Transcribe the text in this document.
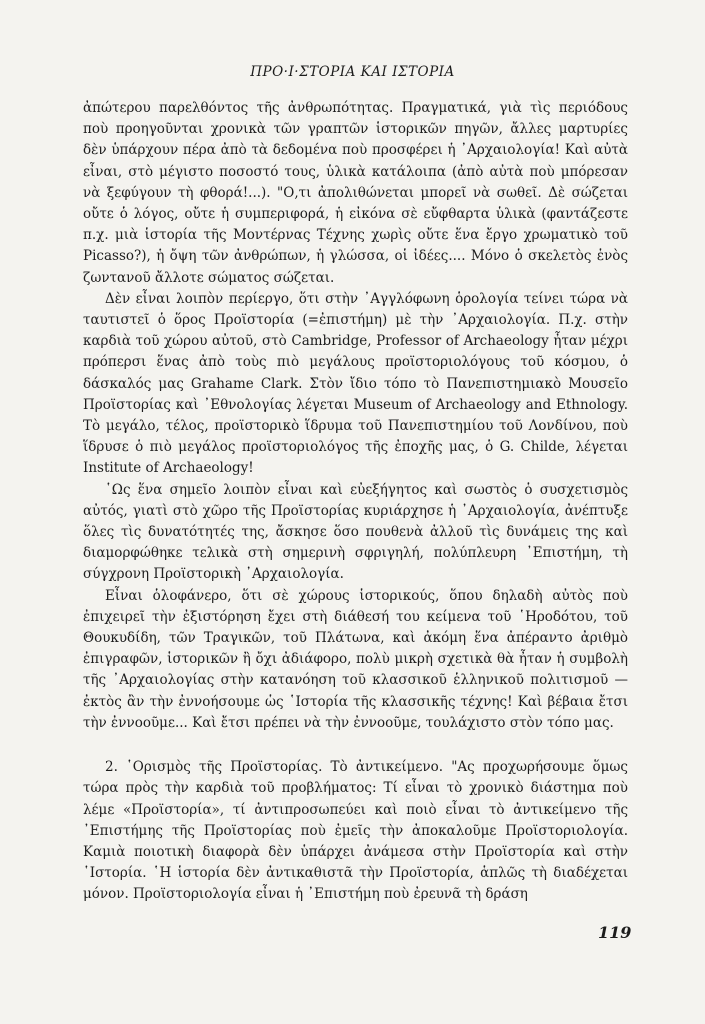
ΠΡΟ·Ι·ΣΤΟΡΙΑ ΚΑΙ ΙΣΤΟΡΙΑ

ἀπώτερου παρελθόντος τῆς ἀνθρωπότητας. Πραγματικά, γιὰ τὶς περιόδους ποὺ προηγοῦνται χρονικὰ τῶν γραπτῶν ἱστορικῶν πηγῶν, ἄλλες μαρτυρίες δὲν ὑπάρχουν πέρα ἀπὸ τὰ δεδομένα ποὺ προσφέρει ἡ ᾿Αρχαιολογία! Καὶ αὐτὰ εἶναι, στὸ μέγιστο ποσοστό τους, ὑλικὰ κατάλοιπα (ἀπὸ αὐτὰ ποὺ μπόρεσαν νὰ ξεφύγουν τὴ φθορά!...). "Ο,τι ἀπολιθώνεται μπορεῖ νὰ σωθεῖ. Δὲ σώζεται οὔτε ὁ λόγος, οὔτε ἡ συμπεριφορά, ἡ εἰκόνα σὲ εὔφθαρτα ὑλικὰ (φαντάζεστε π.χ. μιὰ ἱστορία τῆς Μοντέρνας Τέχνης χωρὶς οὔτε ἕνα ἔργο χρωματικὸ τοῦ Picasso?), ἡ ὄψη τῶν ἀνθρώπων, ἡ γλώσσα, οἱ ἰδέες.... Μόνο ὁ σκελετὸς ἑνὸς ζωντανοῦ ἄλλοτε σώματος σώζεται.

Δὲν εἶναι λοιπὸν περίεργο, ὅτι στὴν ᾿Αγγλόφωνη ὁρολογία τείνει τώρα νὰ ταυτιστεῖ ὁ ὅρος Προϊστορία (=ἐπιστήμη) μὲ τὴν ᾿Αρχαιολογία. Π.χ. στὴν καρδιὰ τοῦ χώρου αὐτοῦ, στὸ Cambridge, Professor of Archaeology ἦταν μέχρι πρόπερσι ἕνας ἀπὸ τοὺς πιὸ μεγάλους προϊστοριολόγους τοῦ κόσμου, ὁ δάσκαλός μας Grahame Clark. Στὸν ἴδιο τόπο τὸ Πανεπιστημιακὸ Μουσεῖο Προϊστορίας καὶ ᾿Εθνολογίας λέγεται Museum of Archaeology and Ethnology. Τὸ μεγάλο, τέλος, προϊστορικὸ ἵδρυμα τοῦ Πανεπιστημίου τοῦ Λονδίνου, ποὺ ἵδρυσε ὁ πιὸ μεγάλος προϊστοριολόγος τῆς ἐποχῆς μας, ὁ G. Childe, λέγεται Institute of Archaeology!

῾Ως ἕνα σημεῖο λοιπὸν εἶναι καὶ εὐεξήγητος καὶ σωστὸς ὁ συσχετισμὸς αὐτός, γιατὶ στὸ χῶρο τῆς Προϊστορίας κυριάρχησε ἡ ᾿Αρχαιολογία, ἀνέπτυξε ὅλες τὶς δυνατότητές της, ἄσκησε ὅσο πουθενὰ ἀλλοῦ τὶς δυνάμεις της καὶ διαμορφώθηκε τελικὰ στὴ σημερινὴ σφριγηλή, πολύπλευρη ᾿Επιστήμη, τὴ σύγχρονη Προϊστορικὴ ᾿Αρχαιολογία.

Εἶναι ὁλοφάνερο, ὅτι σὲ χώρους ἱστορικούς, ὅπου δηλαδὴ αὐτὸς ποὺ ἐπιχειρεῖ τὴν ἐξιστόρηση ἔχει στὴ διάθεσή του κείμενα τοῦ ῾Ηροδότου, τοῦ Θουκυδίδη, τῶν Τραγικῶν, τοῦ Πλάτωνα, καὶ ἀκόμη ἕνα ἀπέραντο ἀριθμὸ ἐπιγραφῶν, ἱστορικῶν ἢ ὄχι ἀδιάφορο, πολὺ μικρὴ σχετικὰ θὰ ἦταν ἡ συμβολὴ τῆς ᾿Αρχαιολογίας στὴν κατανόηση τοῦ κλασσικοῦ ἑλληνικοῦ πολιτισμοῦ —ἐκτὸς ἂν τὴν ἐννοήσουμε ὡς ῾Ιστορία τῆς κλασσικῆς τέχνης! Καὶ βέβαια ἔτσι τὴν ἐννοοῦμε... Καὶ ἔτσι πρέπει νὰ τὴν ἐννοοῦμε, τουλάχιστο στὸν τόπο μας.

2. ῾Ορισμὸς τῆς Προϊστορίας. Τὸ ἀντικείμενο. "Ας προχωρήσουμε ὅμως τώρα πρὸς τὴν καρδιὰ τοῦ προβλήματος: Τί εἶναι τὸ χρονικὸ διάστημα ποὺ λέμε «Προϊστορία», τί ἀντιπροσωπεύει καὶ ποιὸ εἶναι τὸ ἀντικείμενο τῆς ᾿Επιστήμης τῆς Προϊστορίας ποὺ ἐμεῖς τὴν ἀποκαλοῦμε Προϊστοριολογία. Καμιὰ ποιοτικὴ διαφορὰ δὲν ὑπάρχει ἀνάμεσα στὴν Προϊστορία καὶ στὴν ῾Ιστορία. ῾Η ἱστορία δὲν ἀντικαθιστᾶ τὴν Προϊστορία, ἁπλῶς τὴ διαδέχεται μόνον. Προϊστοριολογία εἶναι ἡ ᾿Επιστήμη ποὺ ἐρευνᾶ τὴ δράση

119
